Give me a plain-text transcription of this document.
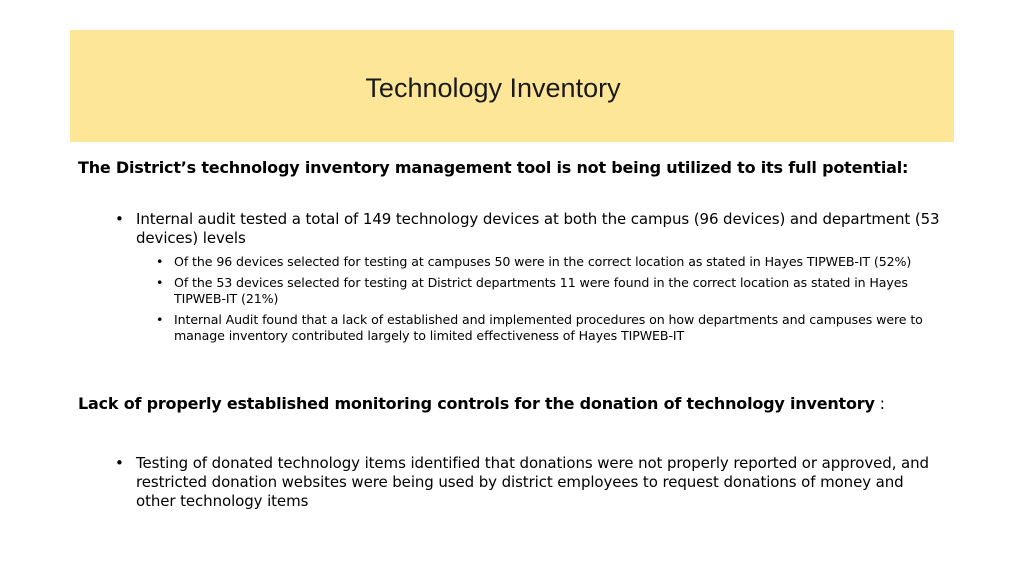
Technology Inventory

The District’s technology inventory management tool is not being utilized to its full potential:

• Internal audit tested a total of 149 technology devices at both the campus (96 devices) and department (53 devices) levels
• Of the 96 devices selected for testing at campuses 50 were in the correct location as stated in Hayes TIPWEB-IT (52%)
• Of the 53 devices selected for testing at District departments 11 were found in the correct location as stated in Hayes TIPWEB-IT (21%)
• Internal Audit found that a lack of established and implemented procedures on how departments and campuses were to manage inventory contributed largely to limited effectiveness of Hayes TIPWEB-IT

Lack of properly established monitoring controls for the donation of technology inventory :

• Testing of donated technology items identified that donations were not properly reported or approved, and restricted donation websites were being used by district employees to request donations of money and other technology items
